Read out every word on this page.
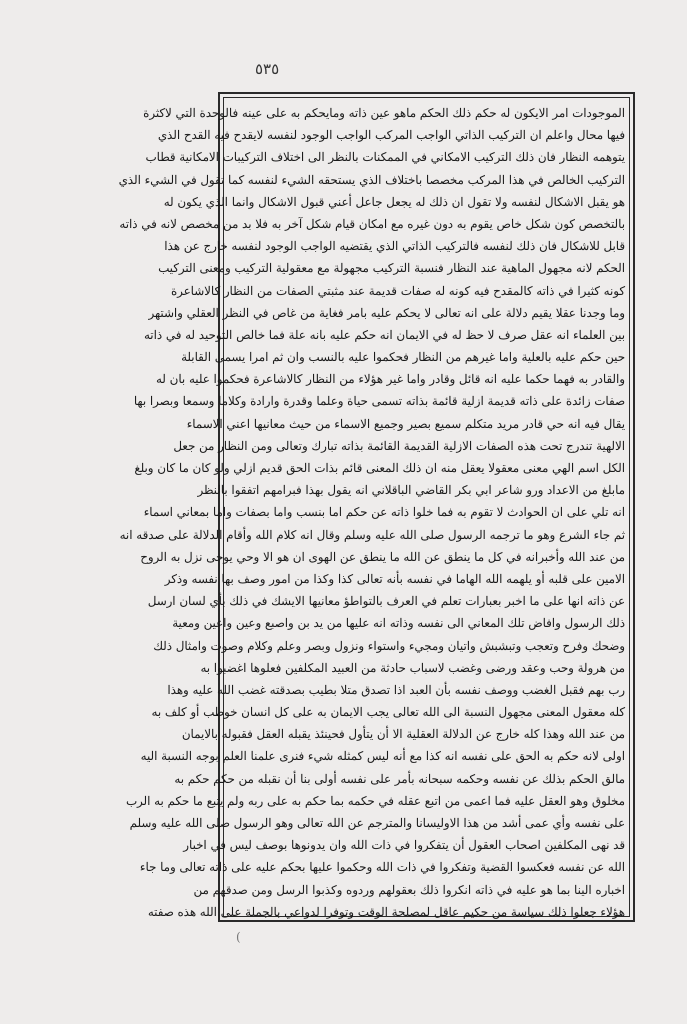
٥٣٥
الموجودات امر الايكون له حكم ذلك الحكم ماهو عين ذاته ومايحكم به على عينه فالوحدة التي لاكثرة
فيها محال واعلم ان التركيب الذاتي الواجب المركب الواجب الوجود لنفسه لايقدح فيه القدح الذي
يتوهمه النظار فان ذلك التركيب الامكاني في الممكنات بالنظر الى اختلاف التركيبات الامكانية قطاب
التركيب الخالص في هذا المركب مخصصا باختلاف الذي يستحقه الشيء لنفسه كما تقول في الشيء الذي
هو يقبل الاشكال لنفسه ولا تقول ان ذلك له يجعل جاعل أعني قبول الاشكال وانما الذي يكون له
بالتخصص كون شكل خاص يقوم به دون غيره مع امكان قيام شكل آخر به فلا بد من مخصص لانه في ذاته
قابل للاشكال فان ذلك لنفسه فالتركيب الذاتي الذي يقتضيه الواجب الوجود لنفسه خارج عن هذا
الحكم لانه مجهول الماهية عند النظار فنسبة التركيب مجهولة مع معقولية التركيب ومعنى التركيب
كونه كثيرا في ذاته كالمقدح فيه كونه له صفات قديمة عند مثبتي الصفات من النظار كالاشاعرة
وما وجدنا عقلا يقيم دلالة على انه تعالى لا يحكم عليه بامر فغاية من غاص في النظر العقلي واشتهر
بين العلماء انه عقل صرف لا حظ له في الايمان انه حكم عليه بانه علة فما خالص التوحيد له في ذاته
حين حكم عليه بالعلية واما غيرهم من النظار فحكموا عليه بالنسب وان ثم امرا يسمى القابلة
والقادر به فهما حكما عليه انه قائل وقادر واما غير هؤلاء من النظار كالاشاعرة فحكموا عليه بان له
صفات زائدة على ذاته قديمة ازلية قائمة بذاته تسمى حياة وعلما وقدرة وارادة وكلاما وسمعا وبصرا بها
يقال فيه انه حي قادر مريد متكلم سميع بصير وجميع الاسماء من حيث معانيها اعني الاسماء
الالهية تندرج تحت هذه الصفات الازلية القديمة القائمة بذاته تبارك وتعالى ومن النظار من جعل
الكل اسم الهي معنى معقولا يعقل منه ان ذلك المعنى قائم بذات الحق قديم ازلي ولو كان ما كان وبلغ
مابلغ من الاعداد ورو شاعر ابي بكر القاضي الباقلاني انه يقول بهذا فبرامهم اتفقوا بالنظر
انه تلي على ان الحوادث لا تقوم به فما خلوا ذاته عن حكم اما بنسب واما بصفات واما بمعاني اسماء
ثم جاء الشرع وهو ما ترجمه الرسول صلى الله عليه وسلم وقال انه كلام الله وأقام الدلالة على صدقه انه
من عند الله وأخبرانه في كل ما ينطق عن الله ما ينطق عن الهوى ان هو الا وحي يوحى نزل به الروح
الامين على قلبه أو يلهمه الله الهاما في نفسه بأنه تعالى كذا وكذا من امور وصف بها نفسه وذكر
عن ذاته انها على ما اخبر بعبارات تعلم في العرف بالتواطؤ معانيها الايشك في ذلك بأي لسان ارسل
ذلك الرسول وافاض تلك المعاني الى نفسه وذاته انه عليها من يد بن واصبع وعين واعين ومعية
وضحك وفرح وتعجب وتبشبش واتيان ومجيء واستواء ونزول وبصر وعلم وكلام وصوت وامثال ذلك
من هرولة وحب وعقد ورضى وغضب لاسباب حادثة من العبيد المكلفين فعلوها اغضبوا به
رب بهم فقبل الغضب ووصف نفسه بأن العبد اذا تصدق متلا بطيب بصدقته غضب الله عليه وهذا
كله معقول المعنى مجهول النسبة الى الله تعالى يجب الايمان به على كل انسان خوطب أو كلف به
من عند الله وهذا كله خارج عن الدلالة العقلية الا أن يتأول فحينئذ يقبله العقل فقبوله بالايمان
اولى لانه حكم به الحق على نفسه انه كذا مع أنه ليس كمثله شيء فنرى علمنا العلم بوجه النسبة اليه
مالق الحكم بذلك عن نفسه وحكمه سبحانه بأمر على نفسه أولى بنا أن نقبله من حكم حكم به
مخلوق وهو العقل عليه فما اعمى من اتبع عقله في حكمه بما حكم به على ربه ولم يتبع ما حكم به الرب
على نفسه وأي عمى أشد من هذا الاوليسانا والمترجم عن الله تعالى وهو الرسول صلى الله عليه وسلم
قد نهى المكلفين اصحاب العقول أن يتفكروا في ذات الله وان يدونوها بوصف ليس في اخبار
الله عن نفسه فعكسوا القضية وتفكروا في ذات الله وحكموا عليها بحكم عليه على ذاته تعالى وما جاء
اخباره الينا بما هو عليه في ذاته انكروا ذلك بعقولهم وردوه وكذبوا الرسل ومن صدقهم من
هؤلاء جعلوا ذلك سياسة من حكيم عاقل لمصلحة الوقت وتوفرا لدواعي بالجملة على الله هذه صفته
(
